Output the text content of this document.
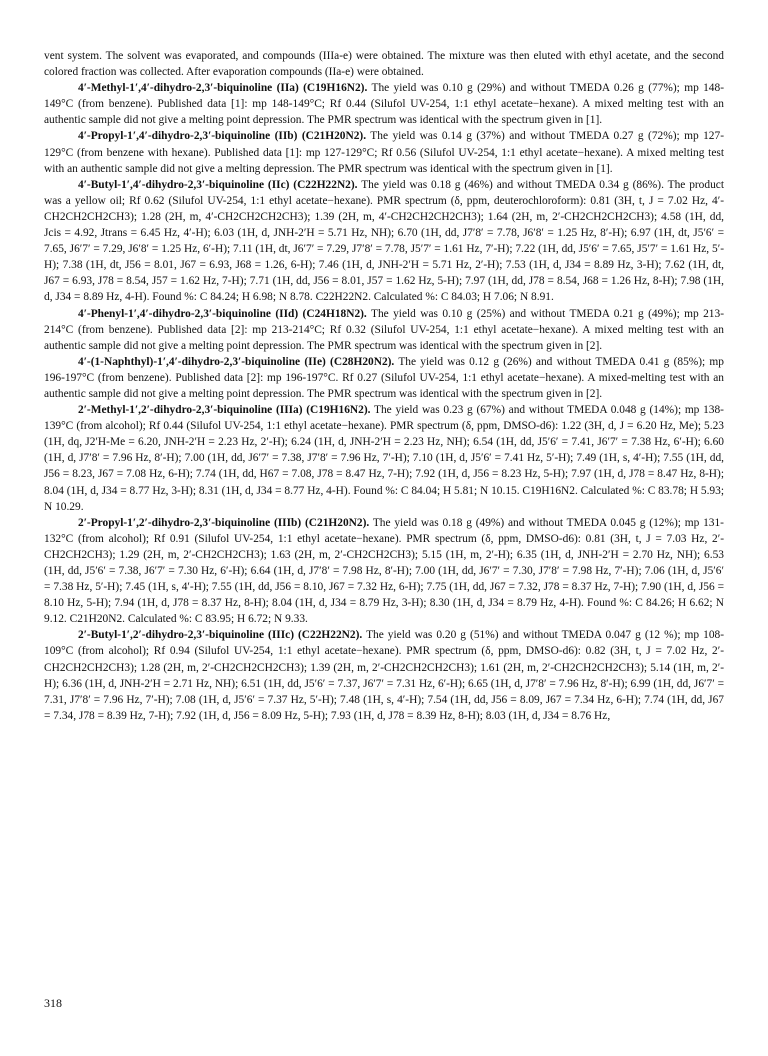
vent system. The solvent was evaporated, and compounds (IIIa-e) were obtained. The mixture was then eluted with ethyl acetate, and the second colored fraction was collected. After evaporation compounds (IIa-e) were obtained.

4′-Methyl-1′,4′-dihydro-2,3′-biquinoline (IIa) (C19H16N2). The yield was 0.10 g (29%) and without TMEDA 0.26 g (77%); mp 148-149°C (from benzene). Published data [1]: mp 148-149°C; Rf 0.44 (Silufol UV-254, 1:1 ethyl acetate−hexane). A mixed melting test with an authentic sample did not give a melting point depression. The PMR spectrum was identical with the spectrum given in [1].

4′-Propyl-1′,4′-dihydro-2,3′-biquinoline (IIb) (C21H20N2). The yield was 0.14 g (37%) and without TMEDA 0.27 g (72%); mp 127-129°C (from benzene with hexane). Published data [1]: mp 127-129°C; Rf 0.56 (Silufol UV-254, 1:1 ethyl acetate−hexane). A mixed melting test with an authentic sample did not give a melting depression. The PMR spectrum was identical with the spectrum given in [1].

4′-Butyl-1′,4′-dihydro-2,3′-biquinoline (IIc) (C22H22N2). The yield was 0.18 g (46%) and without TMEDA 0.34 g (86%). The product was a yellow oil; Rf 0.62 (Silufol UV-254, 1:1 ethyl acetate−hexane). PMR spectrum (δ, ppm, deuterochloroform): 0.81 (3H, t, J = 7.02 Hz, 4′-CH2CH2CH2CH3); 1.28 (2H, m, 4′-CH2CH2CH2CH3); 1.39 (2H, m, 4′-CH2CH2CH2CH3); 1.64 (2H, m, 2′-CH2CH2CH2CH3); 4.58 (1H, dd, Jcis = 4.92, Jtrans = 6.45 Hz, 4′-H); 6.03 (1H, d, JNH-2′H = 5.71 Hz, NH); 6.70 (1H, dd, J7′8′ = 7.78, J6′8′ = 1.25 Hz, 8′-H); 6.97 (1H, dt, J5′6′ = 7.65, J6′7′ = 7.29, J6′8′ = 1.25 Hz, 6′-H); 7.11 (1H, dt, J6′7′ = 7.29, J7′8′ = 7.78, J5′7′ = 1.61 Hz, 7′-H); 7.22 (1H, dd, J5′6′ = 7.65, J5′7′ = 1.61 Hz, 5′-H); 7.38 (1H, dt, J56 = 8.01, J67 = 6.93, J68 = 1.26, 6-H); 7.46 (1H, d, JNH-2′H = 5.71 Hz, 2′-H); 7.53 (1H, d, J34 = 8.89 Hz, 3-H); 7.62 (1H, dt, J67 = 6.93, J78 = 8.54, J57 = 1.62 Hz, 7-H); 7.71 (1H, dd, J56 = 8.01, J57 = 1.62 Hz, 5-H); 7.97 (1H, dd, J78 = 8.54, J68 = 1.26 Hz, 8-H); 7.98 (1H, d, J34 = 8.89 Hz, 4-H). Found %: C 84.24; H 6.98; N 8.78. C22H22N2. Calculated %: C 84.03; H 7.06; N 8.91.

4′-Phenyl-1′,4′-dihydro-2,3′-biquinoline (IId) (C24H18N2). The yield was 0.10 g (25%) and without TMEDA 0.21 g (49%); mp 213-214°C (from benzene). Published data [2]: mp 213-214°C; Rf 0.32 (Silufol UV-254, 1:1 ethyl acetate−hexane). A mixed melting test with an authentic sample did not give a melting point depression. The PMR spectrum was identical with the spectrum given in [2].

4′-(1-Naphthyl)-1′,4′-dihydro-2,3′-biquinoline (IIe) (C28H20N2). The yield was 0.12 g (26%) and without TMEDA 0.41 g (85%); mp 196-197°C (from benzene). Published data [2]: mp 196-197°C. Rf 0.27 (Silufol UV-254, 1:1 ethyl acetate−hexane). A mixed-melting test with an authentic sample did not give a melting point depression. The PMR spectrum was identical with the spectrum given in [2].

2′-Methyl-1′,2′-dihydro-2,3′-biquinoline (IIIa) (C19H16N2). The yield was 0.23 g (67%) and without TMEDA 0.048 g (14%); mp 138-139°C (from alcohol); Rf 0.44 (Silufol UV-254, 1:1 ethyl acetate−hexane). PMR spectrum (δ, ppm, DMSO-d6): 1.22 (3H, d, J = 6.20 Hz, Me); 5.23 (1H, dq, J2′H-Me = 6.20, JNH-2′H = 2.23 Hz, 2′-H); 6.24 (1H, d, JNH-2′H = 2.23 Hz, NH); 6.54 (1H, dd, J5′6′ = 7.41, J6′7′ = 7.38 Hz, 6′-H); 6.60 (1H, d, J7′8′ = 7.96 Hz, 8′-H); 7.00 (1H, dd, J6′7′ = 7.38, J7′8′ = 7.96 Hz, 7′-H); 7.10 (1H, d, J5′6′ = 7.41 Hz, 5′-H); 7.49 (1H, s, 4′-H); 7.55 (1H, dd, J56 = 8.23, J67 = 7.08 Hz, 6-H); 7.74 (1H, dd, H67 = 7.08, J78 = 8.47 Hz, 7-H); 7.92 (1H, d, J56 = 8.23 Hz, 5-H); 7.97 (1H, d, J78 = 8.47 Hz, 8-H); 8.04 (1H, d, J34 = 8.77 Hz, 3-H); 8.31 (1H, d, J34 = 8.77 Hz, 4-H). Found %: C 84.04; H 5.81; N 10.15. C19H16N2. Calculated %: C 83.78; H 5.93; N 10.29.

2′-Propyl-1′,2′-dihydro-2,3′-biquinoline (IIIb) (C21H20N2). The yield was 0.18 g (49%) and without TMEDA 0.045 g (12%); mp 131-132°C (from alcohol); Rf 0.91 (Silufol UV-254, 1:1 ethyl acetate−hexane). PMR spectrum (δ, ppm, DMSO-d6): 0.81 (3H, t, J = 7.03 Hz, 2′-CH2CH2CH3); 1.29 (2H, m, 2′-CH2CH2CH3); 1.63 (2H, m, 2′-CH2CH2CH3); 5.15 (1H, m, 2′-H); 6.35 (1H, d, JNH-2′H = 2.70 Hz, NH); 6.53 (1H, dd, J5′6′ = 7.38, J6′7′ = 7.30 Hz, 6′-H); 6.64 (1H, d, J7′8′ = 7.98 Hz, 8′-H); 7.00 (1H, dd, J6′7′ = 7.30, J7′8′ = 7.98 Hz, 7′-H); 7.06 (1H, d, J5′6′ = 7.38 Hz, 5′-H); 7.45 (1H, s, 4′-H); 7.55 (1H, dd, J56 = 8.10, J67 = 7.32 Hz, 6-H); 7.75 (1H, dd, J67 = 7.32, J78 = 8.37 Hz, 7-H); 7.90 (1H, d, J56 = 8.10 Hz, 5-H); 7.94 (1H, d, J78 = 8.37 Hz, 8-H); 8.04 (1H, d, J34 = 8.79 Hz, 3-H); 8.30 (1H, d, J34 = 8.79 Hz, 4-H). Found %: C 84.26; H 6.62; N 9.12. C21H20N2. Calculated %: C 83.95; H 6.72; N 9.33.

2′-Butyl-1′,2′-dihydro-2,3′-biquinoline (IIIc) (C22H22N2). The yield was 0.20 g (51%) and without TMEDA 0.047 g (12 %); mp 108-109°C (from alcohol); Rf 0.94 (Silufol UV-254, 1:1 ethyl acetate−hexane). PMR spectrum (δ, ppm, DMSO-d6): 0.82 (3H, t, J = 7.02 Hz, 2′-CH2CH2CH2CH3); 1.28 (2H, m, 2′-CH2CH2CH2CH3); 1.39 (2H, m, 2′-CH2CH2CH2CH3); 1.61 (2H, m, 2′-CH2CH2CH2CH3); 5.14 (1H, m, 2′-H); 6.36 (1H, d, JNH-2′H = 2.71 Hz, NH); 6.51 (1H, dd, J5′6′ = 7.37, J6′7′ = 7.31 Hz, 6′-H); 6.65 (1H, d, J7′8′ = 7.96 Hz, 8′-H); 6.99 (1H, dd, J6′7′ = 7.31, J7′8′ = 7.96 Hz, 7′-H); 7.08 (1H, d, J5′6′ = 7.37 Hz, 5′-H); 7.48 (1H, s, 4′-H); 7.54 (1H, dd, J56 = 8.09, J67 = 7.34 Hz, 6-H); 7.74 (1H, dd, J67 = 7.34, J78 = 8.39 Hz, 7-H); 7.92 (1H, d, J56 = 8.09 Hz, 5-H); 7.93 (1H, d, J78 = 8.39 Hz, 8-H); 8.03 (1H, d, J34 = 8.76 Hz,

318
